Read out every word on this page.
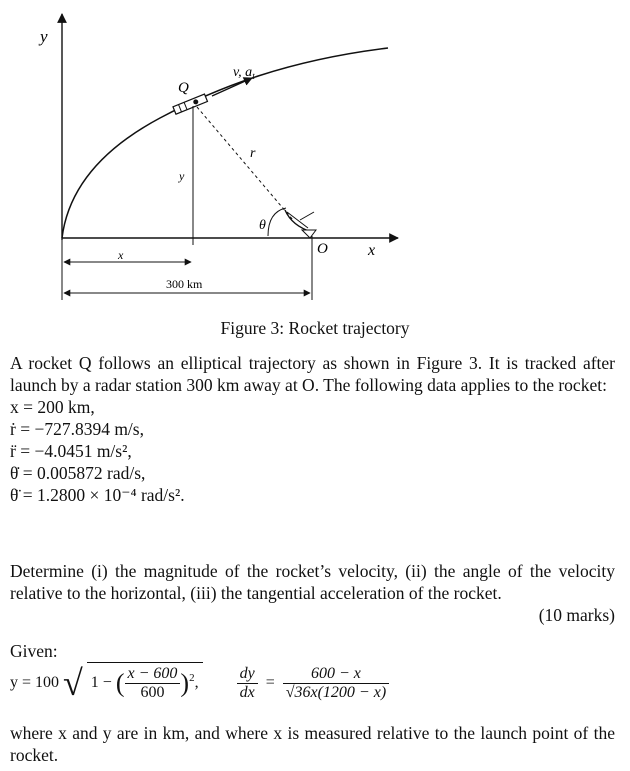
y
x
Q
v, $a_t$
y
r
θ
O
x
300 km
Figure 3: Rocket trajectory
A rocket Q follows an elliptical trajectory as shown in Figure 3. It is tracked after launch by a radar station 300 km away at O. The following data applies to the rocket:
x = 200 km,
ṙ = −727.8394 m/s,
r̈ = −4.0451 m/s²,
θ̇ = 0.005872 rad/s,
θ̈ = 1.2800 × 10⁻⁴ rad/s².
Determine (i) the magnitude of the rocket’s velocity, (ii) the angle of the velocity relative to the horizontal, (iii) the tangential acceleration of the rocket.
(10 marks)
Given:
y = 100 √ 1 − ( $\frac{x - 600}{600} )^2$, $\frac{dy}{dx} = \frac{600 - x}{√36x(1200 - x)}$
where x and y are in km, and where x is measured relative to the launch point of the rocket.
